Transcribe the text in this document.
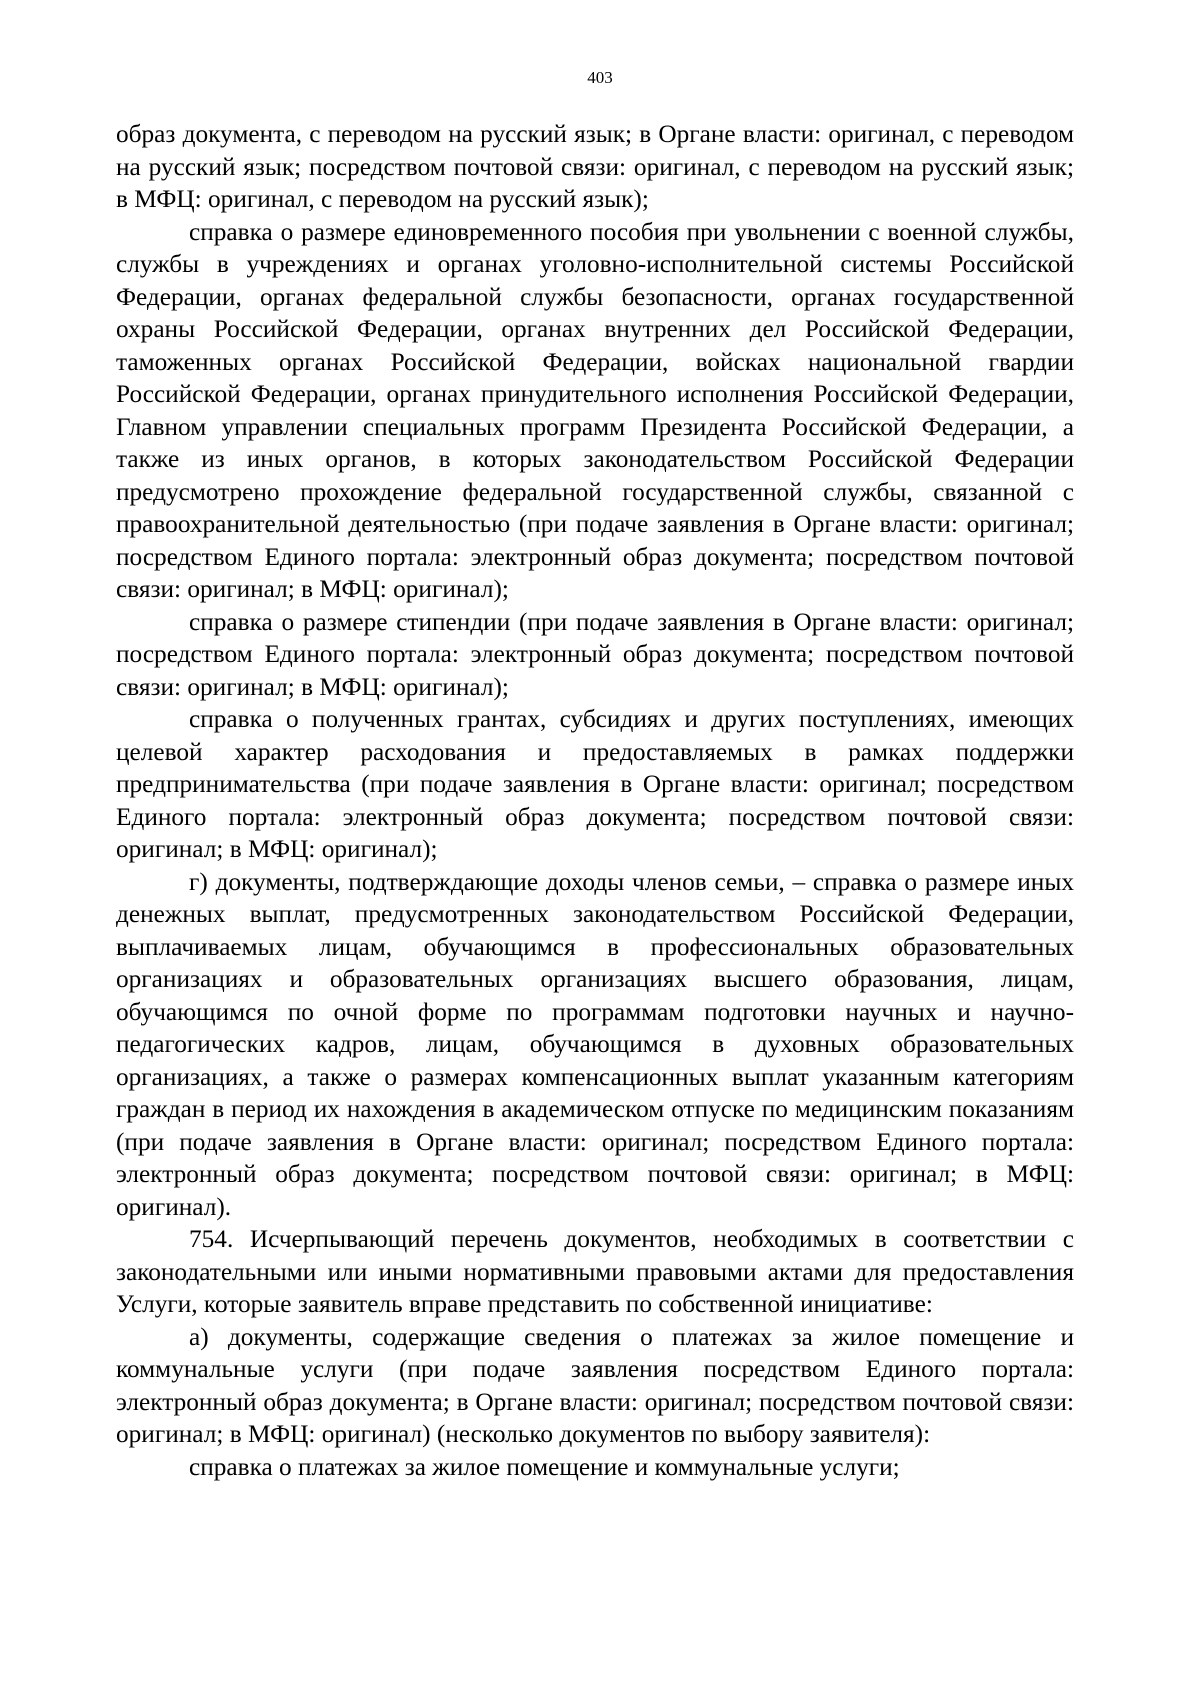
403

образ документа, с переводом на русский язык; в Органе власти: оригинал, с переводом на русский язык; посредством почтовой связи: оригинал, с переводом на русский язык; в МФЦ: оригинал, с переводом на русский язык);

справка о размере единовременного пособия при увольнении с военной службы, службы в учреждениях и органах уголовно-исполнительной системы Российской Федерации, органах федеральной службы безопасности, органах государственной охраны Российской Федерации, органах внутренних дел Российской Федерации, таможенных органах Российской Федерации, войсках национальной гвардии Российской Федерации, органах принудительного исполнения Российской Федерации, Главном управлении специальных программ Президента Российской Федерации, а также из иных органов, в которых законодательством Российской Федерации предусмотрено прохождение федеральной государственной службы, связанной с правоохранительной деятельностью (при подаче заявления в Органе власти: оригинал; посредством Единого портала: электронный образ документа; посредством почтовой связи: оригинал; в МФЦ: оригинал);

справка о размере стипендии (при подаче заявления в Органе власти: оригинал; посредством Единого портала: электронный образ документа; посредством почтовой связи: оригинал; в МФЦ: оригинал);

справка о полученных грантах, субсидиях и других поступлениях, имеющих целевой характер расходования и предоставляемых в рамках поддержки предпринимательства (при подаче заявления в Органе власти: оригинал; посредством Единого портала: электронный образ документа; посредством почтовой связи: оригинал; в МФЦ: оригинал);

г) документы, подтверждающие доходы членов семьи, – справка о размере иных денежных выплат, предусмотренных законодательством Российской Федерации, выплачиваемых лицам, обучающимся в профессиональных образовательных организациях и образовательных организациях высшего образования, лицам, обучающимся по очной форме по программам подготовки научных и научно-педагогических кадров, лицам, обучающимся в духовных образовательных организациях, а также о размерах компенсационных выплат указанным категориям граждан в период их нахождения в академическом отпуске по медицинским показаниям (при подаче заявления в Органе власти: оригинал; посредством Единого портала: электронный образ документа; посредством почтовой связи: оригинал; в МФЦ: оригинал).

754. Исчерпывающий перечень документов, необходимых в соответствии с законодательными или иными нормативными правовыми актами для предоставления Услуги, которые заявитель вправе представить по собственной инициативе:

а) документы, содержащие сведения о платежах за жилое помещение и коммунальные услуги (при подаче заявления посредством Единого портала: электронный образ документа; в Органе власти: оригинал; посредством почтовой связи: оригинал; в МФЦ: оригинал) (несколько документов по выбору заявителя):

справка о платежах за жилое помещение и коммунальные услуги;
